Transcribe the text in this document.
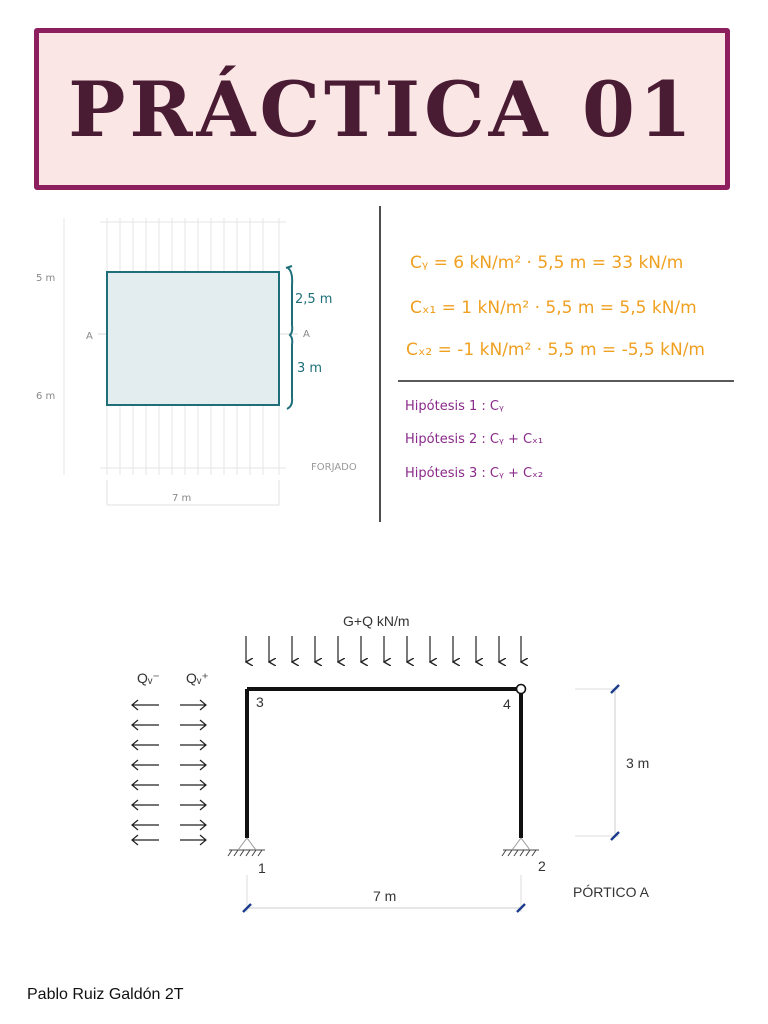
PRÁCTICA 01
5 m
6 m
A	A
2,5 m
3 m
7 m
FORJADO
Cᵧ = 6 kN/m² · 5,5 m = 33 kN/m
Cₓ₁ = 1 kN/m² · 5,5 m = 5,5 kN/m
Cₓ₂ = -1 kN/m² · 5,5 m = -5,5 kN/m
Hipótesis 1 : Cᵧ
Hipótesis 2 : Cᵧ + Cₓ₁
Hipótesis 3 : Cᵧ + Cₓ₂
G+Q kN/m
Qᵥ⁻ Qᵥ⁺
3	4
1	2
7 m
3 m
PÓRTICO A
Pablo Ruiz Galdón 2T
